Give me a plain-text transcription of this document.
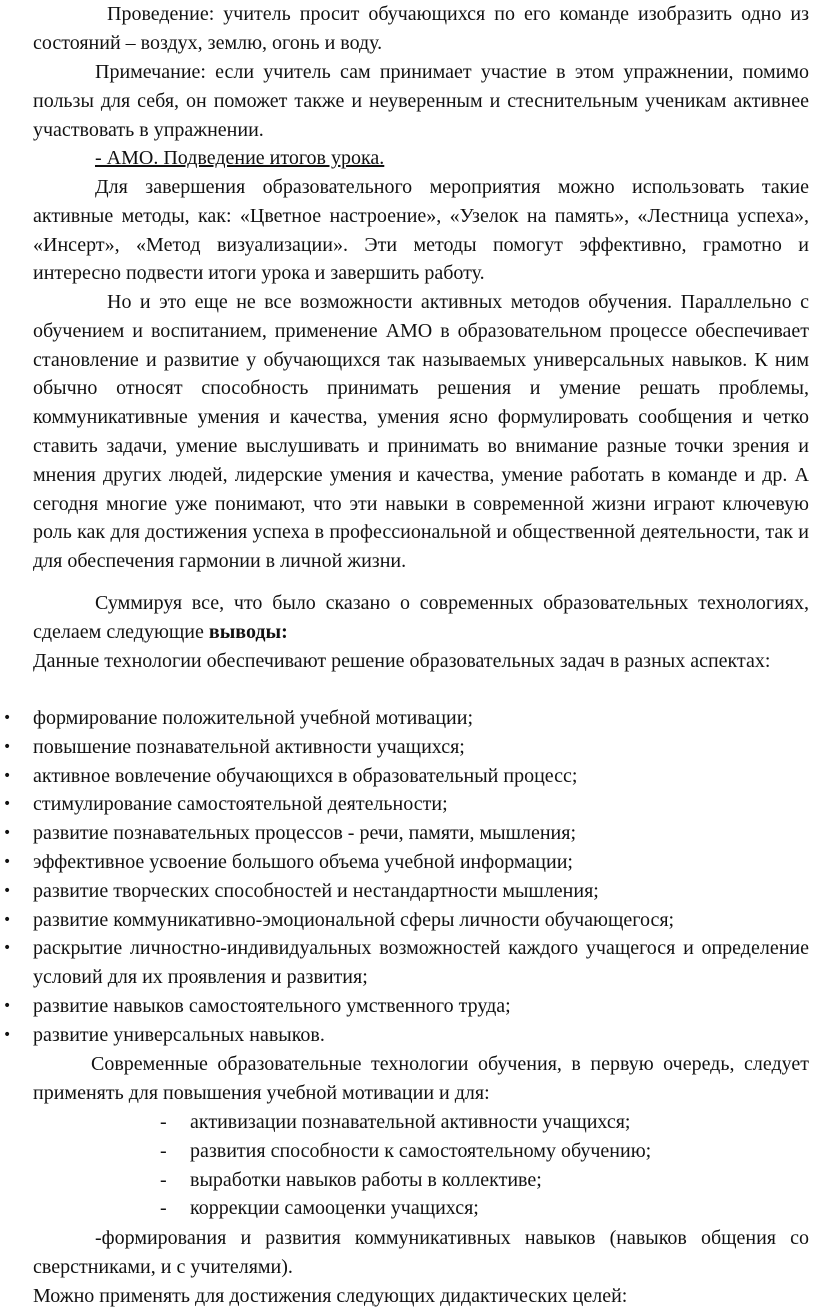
Проведение: учитель просит обучающихся по его команде изобразить одно из состояний – воздух, землю, огонь и воду.

Примечание: если учитель сам принимает участие в этом упражнении, помимо пользы для себя, он поможет также и неуверенным и стеснительным ученикам активнее участвовать в упражнении.

- АМО. Подведение итогов урока.

Для завершения образовательного мероприятия можно использовать такие активные методы, как: «Цветное настроение», «Узелок на память», «Лестница успеха», «Инсерт», «Метод визуализации». Эти методы помогут эффективно, грамотно и интересно подвести итоги урока и завершить работу.

Но и это еще не все возможности активных методов обучения. Параллельно с обучением и воспитанием, применение АМО в образовательном процессе обеспечивает становление и развитие у обучающихся так называемых универсальных навыков. К ним обычно относят способность принимать решения и умение решать проблемы, коммуникативные умения и качества, умения ясно формулировать сообщения и четко ставить задачи, умение выслушивать и принимать во внимание разные точки зрения и мнения других людей, лидерские умения и качества, умение работать в команде и др. А сегодня многие уже понимают, что эти навыки в современной жизни играют ключевую роль как для достижения успеха в профессиональной и общественной деятельности, так и для обеспечения гармонии в личной жизни.

Суммируя все, что было сказано о современных образовательных технологиях, сделаем следующие выводы:

Данные технологии обеспечивают решение образовательных задач в разных аспектах:

• формирование положительной учебной мотивации;
• повышение познавательной активности учащихся;
• активное вовлечение обучающихся в образовательный процесс;
• стимулирование самостоятельной деятельности;
• развитие познавательных процессов - речи, памяти, мышления;
• эффективное усвоение большого объема учебной информации;
• развитие творческих способностей и нестандартности мышления;
• развитие коммуникативно-эмоциональной сферы личности обучающегося;
• раскрытие личностно-индивидуальных возможностей каждого учащегося и определение условий для их проявления и развития;
• развитие навыков самостоятельного умственного труда;
• развитие универсальных навыков.

Современные образовательные технологии обучения, в первую очередь, следует применять для повышения учебной мотивации и для:

- активизации познавательной активности учащихся;
- развития способности к самостоятельному обучению;
- выработки навыков работы в коллективе;
- коррекции самооценки учащихся;

-формирования и развития коммуникативных навыков (навыков общения со сверстниками, и с учителями).

Можно применять для достижения следующих дидактических целей:
